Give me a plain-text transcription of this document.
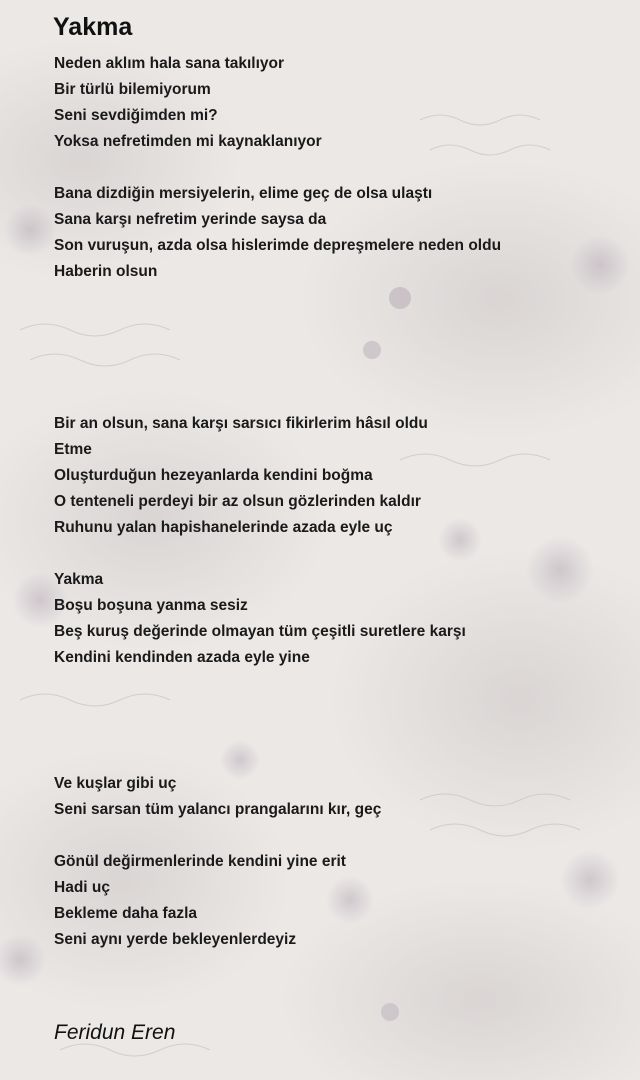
Yakma

Neden aklım hala sana takılıyor

Bir türlü bilemiyorum

Seni sevdiğimden mi?

Yoksa nefretimden mi kaynaklanıyor

Bana dizdiğin mersiyelerin, elime geç de olsa ulaştı

Sana karşı nefretim yerinde saysa da

Son vuruşun, azda olsa hislerimde depreşmelere neden oldu

Haberin olsun

Bir an olsun, sana karşı sarsıcı fikirlerim hâsıl oldu

Etme

Oluşturduğun hezeyanlarda kendini boğma

O tenteneli perdeyi bir az olsun gözlerinden kaldır

Ruhunu yalan hapishanelerinde azada eyle uç

Yakma

Boşu boşuna yanma sesiz

Beş kuruş değerinde olmayan tüm çeşitli suretlere karşı

Kendini kendinden azada eyle yine

Ve kuşlar gibi uç

Seni sarsan tüm yalancı prangalarını kır, geç

Gönül değirmenlerinde kendini yine erit

Hadi uç

Bekleme daha fazla

Seni aynı yerde bekleyenlerdeyiz

Feridun Eren
